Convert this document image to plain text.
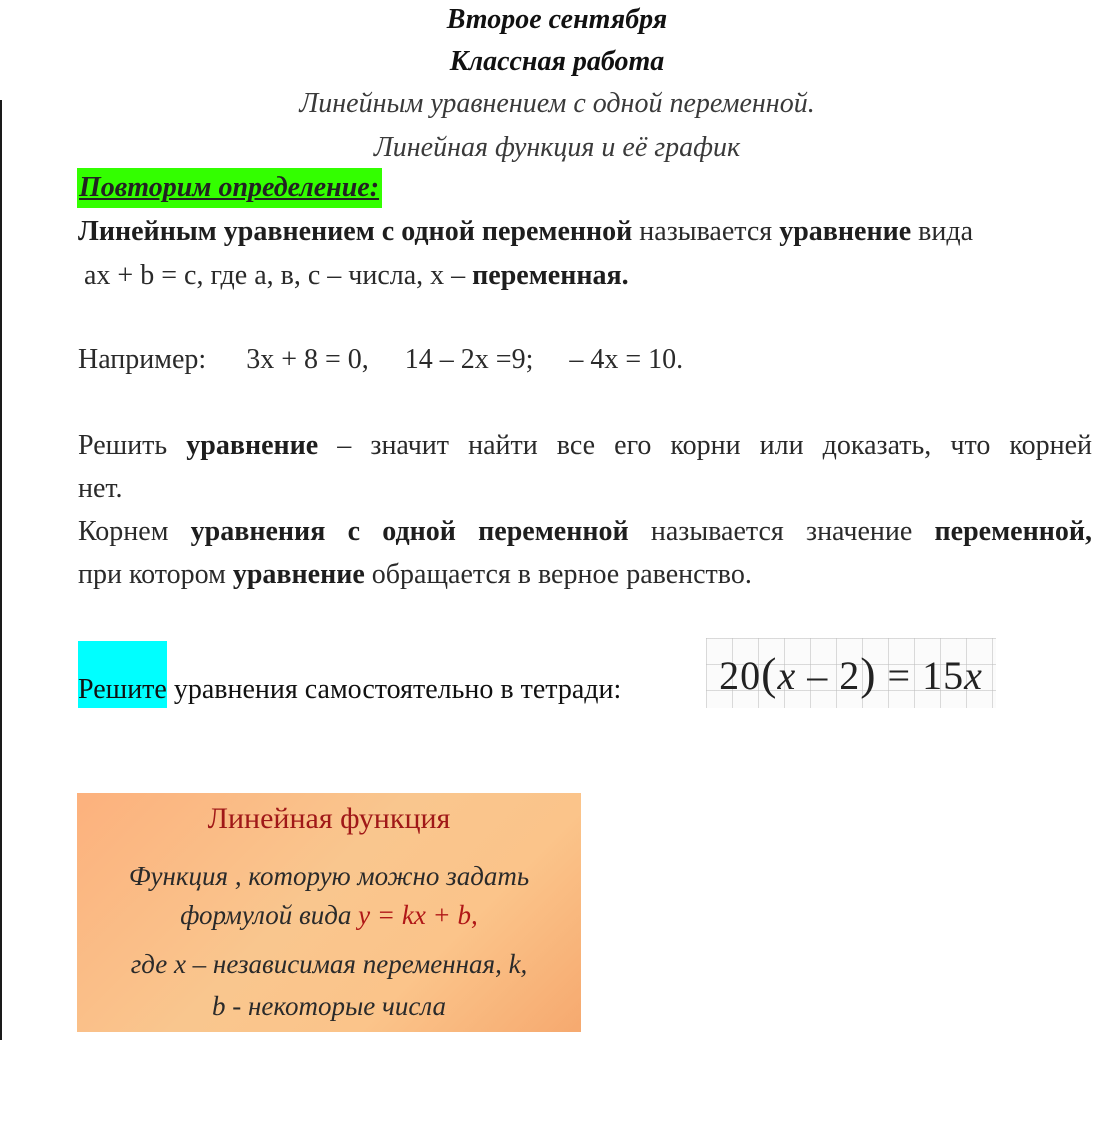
Второе сентября
Классная работа
Линейным уравнением с одной переменной.
Линейная функция и её график
Повторим определение:
Линейным уравнением с одной переменной называется уравнение вида
ax + b = c, где а, в, с – числа, х – переменная.
Например: 3x + 8 = 0, 14 – 2x =9; – 4x = 10.
Решить уравнение – значит найти все его корни или доказать, что корней
нет.
Корнем уравнения с одной переменной называется значение переменной,
при котором уравнение обращается в верное равенство.
Решите уравнения самостоятельно в тетради: 20(x – 2) = 15x
Линейная функция
Функция , которую можно задать
формулой вида y = kx + b,
где x – независимая переменная, k,
b - некоторые числа
